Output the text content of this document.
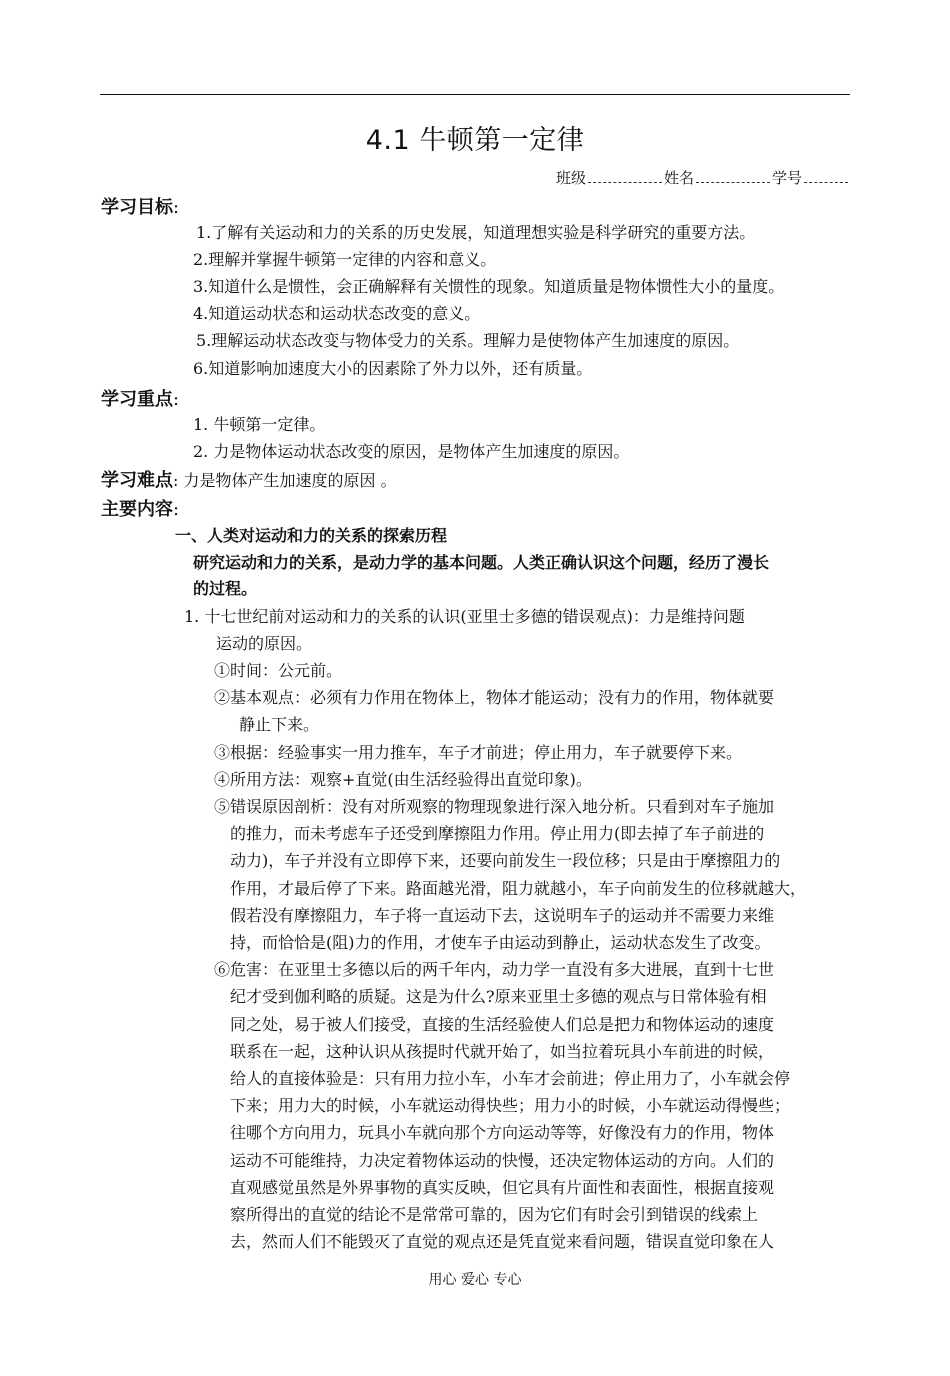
4.1 牛顿第一定律
班级	姓名	学号
学习目标:
1.了解有关运动和力的关系的历史发展，知道理想实验是科学研究的重要方法。
2.理解并掌握牛顿第一定律的内容和意义。
3.知道什么是惯性，会正确解释有关惯性的现象。知道质量是物体惯性大小的量度。
4.知道运动状态和运动状态改变的意义。
5.理解运动状态改变与物体受力的关系。理解力是使物体产生加速度的原因。
6.知道影响加速度大小的因素除了外力以外，还有质量。
学习重点:
1. 牛顿第一定律。
2. 力是物体运动状态改变的原因，是物体产生加速度的原因。
学习难点: 力是物体产生加速度的原因 。
主要内容:
一、人类对运动和力的关系的探索历程
研究运动和力的关系，是动力学的基本问题。人类正确认识这个问题，经历了漫长
的过程。
1. 十七世纪前对运动和力的关系的认识(亚里士多德的错误观点)：力是维持问题
运动的原因。
①时间：公元前。
②基本观点：必须有力作用在物体上，物体才能运动；没有力的作用，物体就要
静止下来。
③根据：经验事实一用力推车，车子才前进；停止用力，车子就要停下来。
④所用方法：观察+直觉(由生活经验得出直觉印象)。
⑤错误原因剖析：没有对所观察的物理现象进行深入地分析。只看到对车子施加
的推力，而未考虑车子还受到摩擦阻力作用。停止用力(即去掉了车子前进的
动力)，车子并没有立即停下来，还要向前发生一段位移；只是由于摩擦阻力的
作用，才最后停了下来。路面越光滑，阻力就越小，车子向前发生的位移就越大，
假若没有摩擦阻力，车子将一直运动下去，这说明车子的运动并不需要力来维
持，而恰恰是(阻)力的作用，才使车子由运动到静止，运动状态发生了改变。
⑥危害：在亚里士多德以后的两千年内，动力学一直没有多大进展，直到十七世
纪才受到伽利略的质疑。这是为什么?原来亚里士多德的观点与日常体验有相
同之处，易于被人们接受，直接的生活经验使人们总是把力和物体运动的速度
联系在一起，这种认识从孩提时代就开始了，如当拉着玩具小车前进的时候，
给人的直接体验是：只有用力拉小车，小车才会前进；停止用力了，小车就会停
下来；用力大的时候，小车就运动得快些；用力小的时候，小车就运动得慢些；
往哪个方向用力，玩具小车就向那个方向运动等等，好像没有力的作用，物体
运动不可能维持，力决定着物体运动的快慢，还决定物体运动的方向。人们的
直观感觉虽然是外界事物的真实反映，但它具有片面性和表面性，根据直接观
察所得出的直觉的结论不是常常可靠的，因为它们有时会引到错误的线索上
去，然而人们不能毁灭了直觉的观点还是凭直觉来看问题，错误直觉印象在人
用心 爱心 专心
